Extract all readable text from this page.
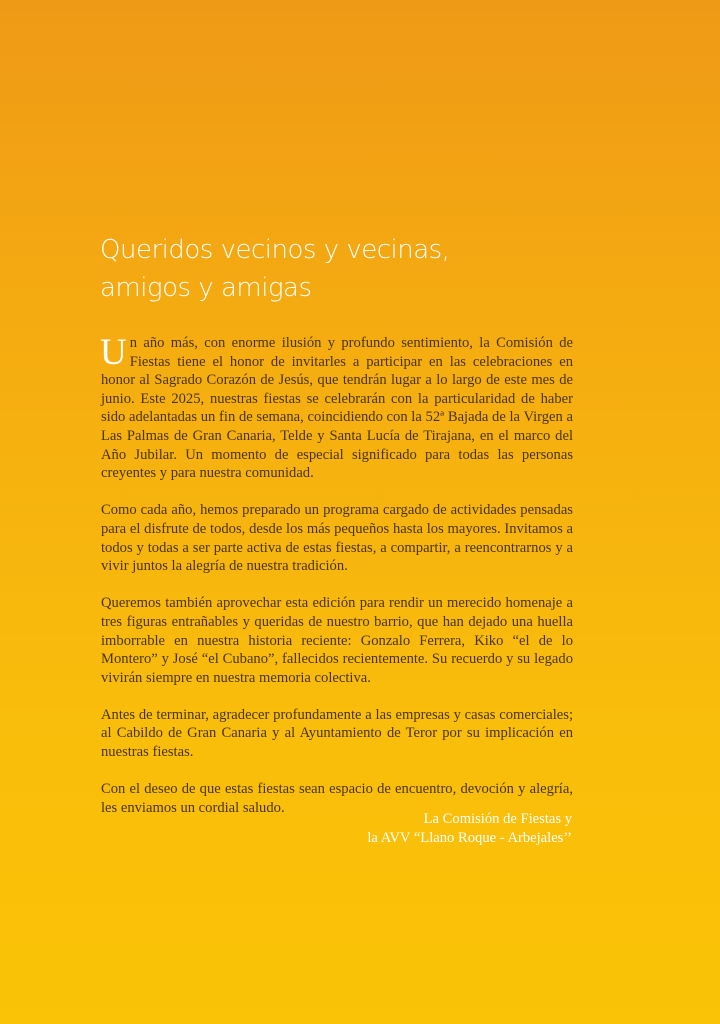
Queridos vecinos y vecinas,
amigos y amigas

Un año más, con enorme ilusión y profundo sentimiento, la Comisión de Fiestas tiene el honor de invitarles a participar en las celebraciones en honor al Sagrado Corazón de Jesús, que tendrán lugar a lo largo de este mes de junio. Este 2025, nuestras fiestas se celebrarán con la particularidad de haber sido adelantadas un fin de semana, coincidiendo con la 52ª Bajada de la Virgen a Las Palmas de Gran Canaria, Telde y Santa Lucía de Tirajana, en el marco del Año Jubilar. Un momento de especial significado para todas las personas creyentes y para nuestra comunidad.

Como cada año, hemos preparado un programa cargado de actividades pensadas para el disfrute de todos, desde los más pequeños hasta los mayores. Invitamos a todos y todas a ser parte activa de estas fiestas, a compartir, a reencontrarnos y a vivir juntos la alegría de nuestra tradición.

Queremos también aprovechar esta edición para rendir un merecido homenaje a tres figuras entrañables y queridas de nuestro barrio, que han dejado una huella imborrable en nuestra historia reciente: Gonzalo Ferrera, Kiko “el de lo Montero” y José “el Cubano”, fallecidos recientemente. Su recuerdo y su legado vivirán siempre en nuestra memoria colectiva.

Antes de terminar, agradecer profundamente a las empresas y casas comerciales; al Cabildo de Gran Canaria y al Ayuntamiento de Teror por su implicación en nuestras fiestas.

Con el deseo de que estas fiestas sean espacio de encuentro, devoción y alegría, les enviamos un cordial saludo.

La Comisión de Fiestas y
la AVV “Llano Roque - Arbejales’’
